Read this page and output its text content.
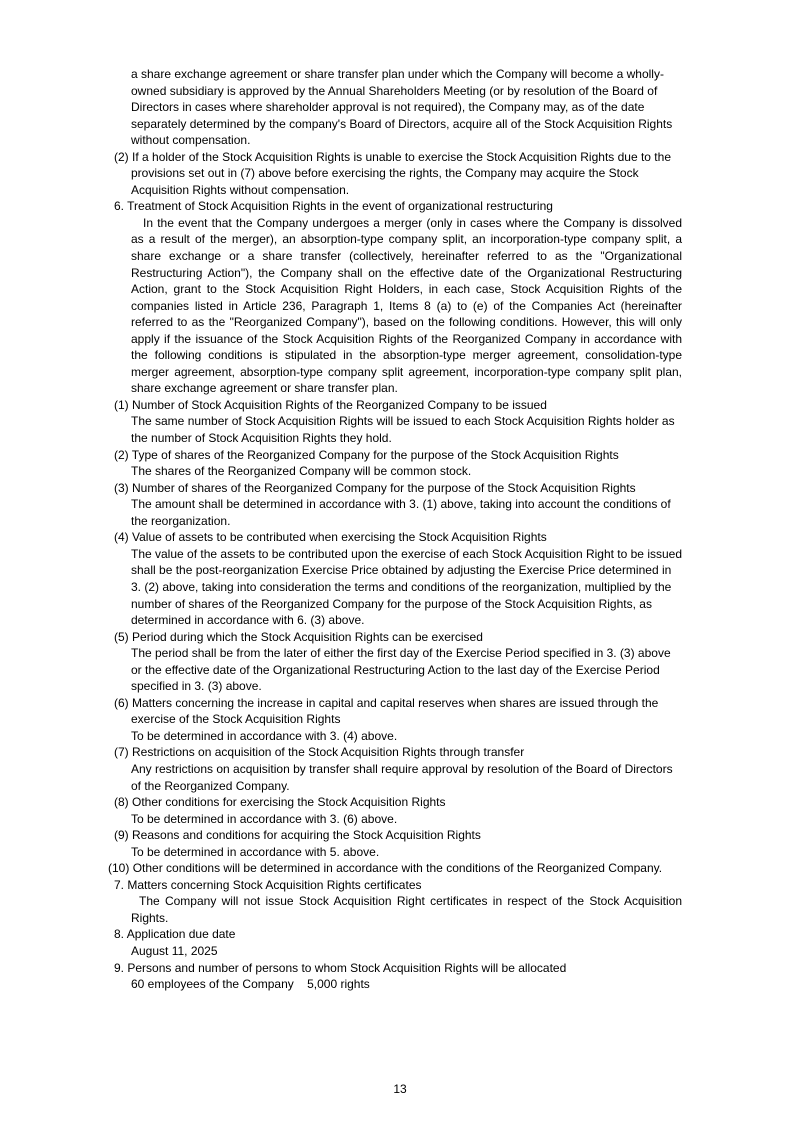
a share exchange agreement or share transfer plan under which the Company will become a wholly-owned subsidiary is approved by the Annual Shareholders Meeting (or by resolution of the Board of Directors in cases where shareholder approval is not required), the Company may, as of the date separately determined by the company's Board of Directors, acquire all of the Stock Acquisition Rights without compensation.

(2) If a holder of the Stock Acquisition Rights is unable to exercise the Stock Acquisition Rights due to the provisions set out in (7) above before exercising the rights, the Company may acquire the Stock Acquisition Rights without compensation.

6. Treatment of Stock Acquisition Rights in the event of organizational restructuring

In the event that the Company undergoes a merger (only in cases where the Company is dissolved as a result of the merger), an absorption-type company split, an incorporation-type company split, a share exchange or a share transfer (collectively, hereinafter referred to as the "Organizational Restructuring Action"), the Company shall on the effective date of the Organizational Restructuring Action, grant to the Stock Acquisition Right Holders, in each case, Stock Acquisition Rights of the companies listed in Article 236, Paragraph 1, Items 8 (a) to (e) of the Companies Act (hereinafter referred to as the "Reorganized Company"), based on the following conditions. However, this will only apply if the issuance of the Stock Acquisition Rights of the Reorganized Company in accordance with the following conditions is stipulated in the absorption-type merger agreement, consolidation-type merger agreement, absorption-type company split agreement, incorporation-type company split plan, share exchange agreement or share transfer plan.

(1) Number of Stock Acquisition Rights of the Reorganized Company to be issued

The same number of Stock Acquisition Rights will be issued to each Stock Acquisition Rights holder as the number of Stock Acquisition Rights they hold.

(2) Type of shares of the Reorganized Company for the purpose of the Stock Acquisition Rights

The shares of the Reorganized Company will be common stock.

(3) Number of shares of the Reorganized Company for the purpose of the Stock Acquisition Rights

The amount shall be determined in accordance with 3. (1) above, taking into account the conditions of the reorganization.

(4) Value of assets to be contributed when exercising the Stock Acquisition Rights

The value of the assets to be contributed upon the exercise of each Stock Acquisition Right to be issued shall be the post-reorganization Exercise Price obtained by adjusting the Exercise Price determined in 3. (2) above, taking into consideration the terms and conditions of the reorganization, multiplied by the number of shares of the Reorganized Company for the purpose of the Stock Acquisition Rights, as determined in accordance with 6. (3) above.

(5) Period during which the Stock Acquisition Rights can be exercised

The period shall be from the later of either the first day of the Exercise Period specified in 3. (3) above or the effective date of the Organizational Restructuring Action to the last day of the Exercise Period specified in 3. (3) above.

(6) Matters concerning the increase in capital and capital reserves when shares are issued through the exercise of the Stock Acquisition Rights

To be determined in accordance with 3. (4) above.

(7) Restrictions on acquisition of the Stock Acquisition Rights through transfer

Any restrictions on acquisition by transfer shall require approval by resolution of the Board of Directors of the Reorganized Company.

(8) Other conditions for exercising the Stock Acquisition Rights

To be determined in accordance with 3. (6) above.

(9) Reasons and conditions for acquiring the Stock Acquisition Rights

To be determined in accordance with 5. above.

(10) Other conditions will be determined in accordance with the conditions of the Reorganized Company.

7. Matters concerning Stock Acquisition Rights certificates

The Company will not issue Stock Acquisition Right certificates in respect of the Stock Acquisition Rights.

8. Application due date

August 11, 2025

9. Persons and number of persons to whom Stock Acquisition Rights will be allocated

60 employees of the Company    5,000 rights

13
